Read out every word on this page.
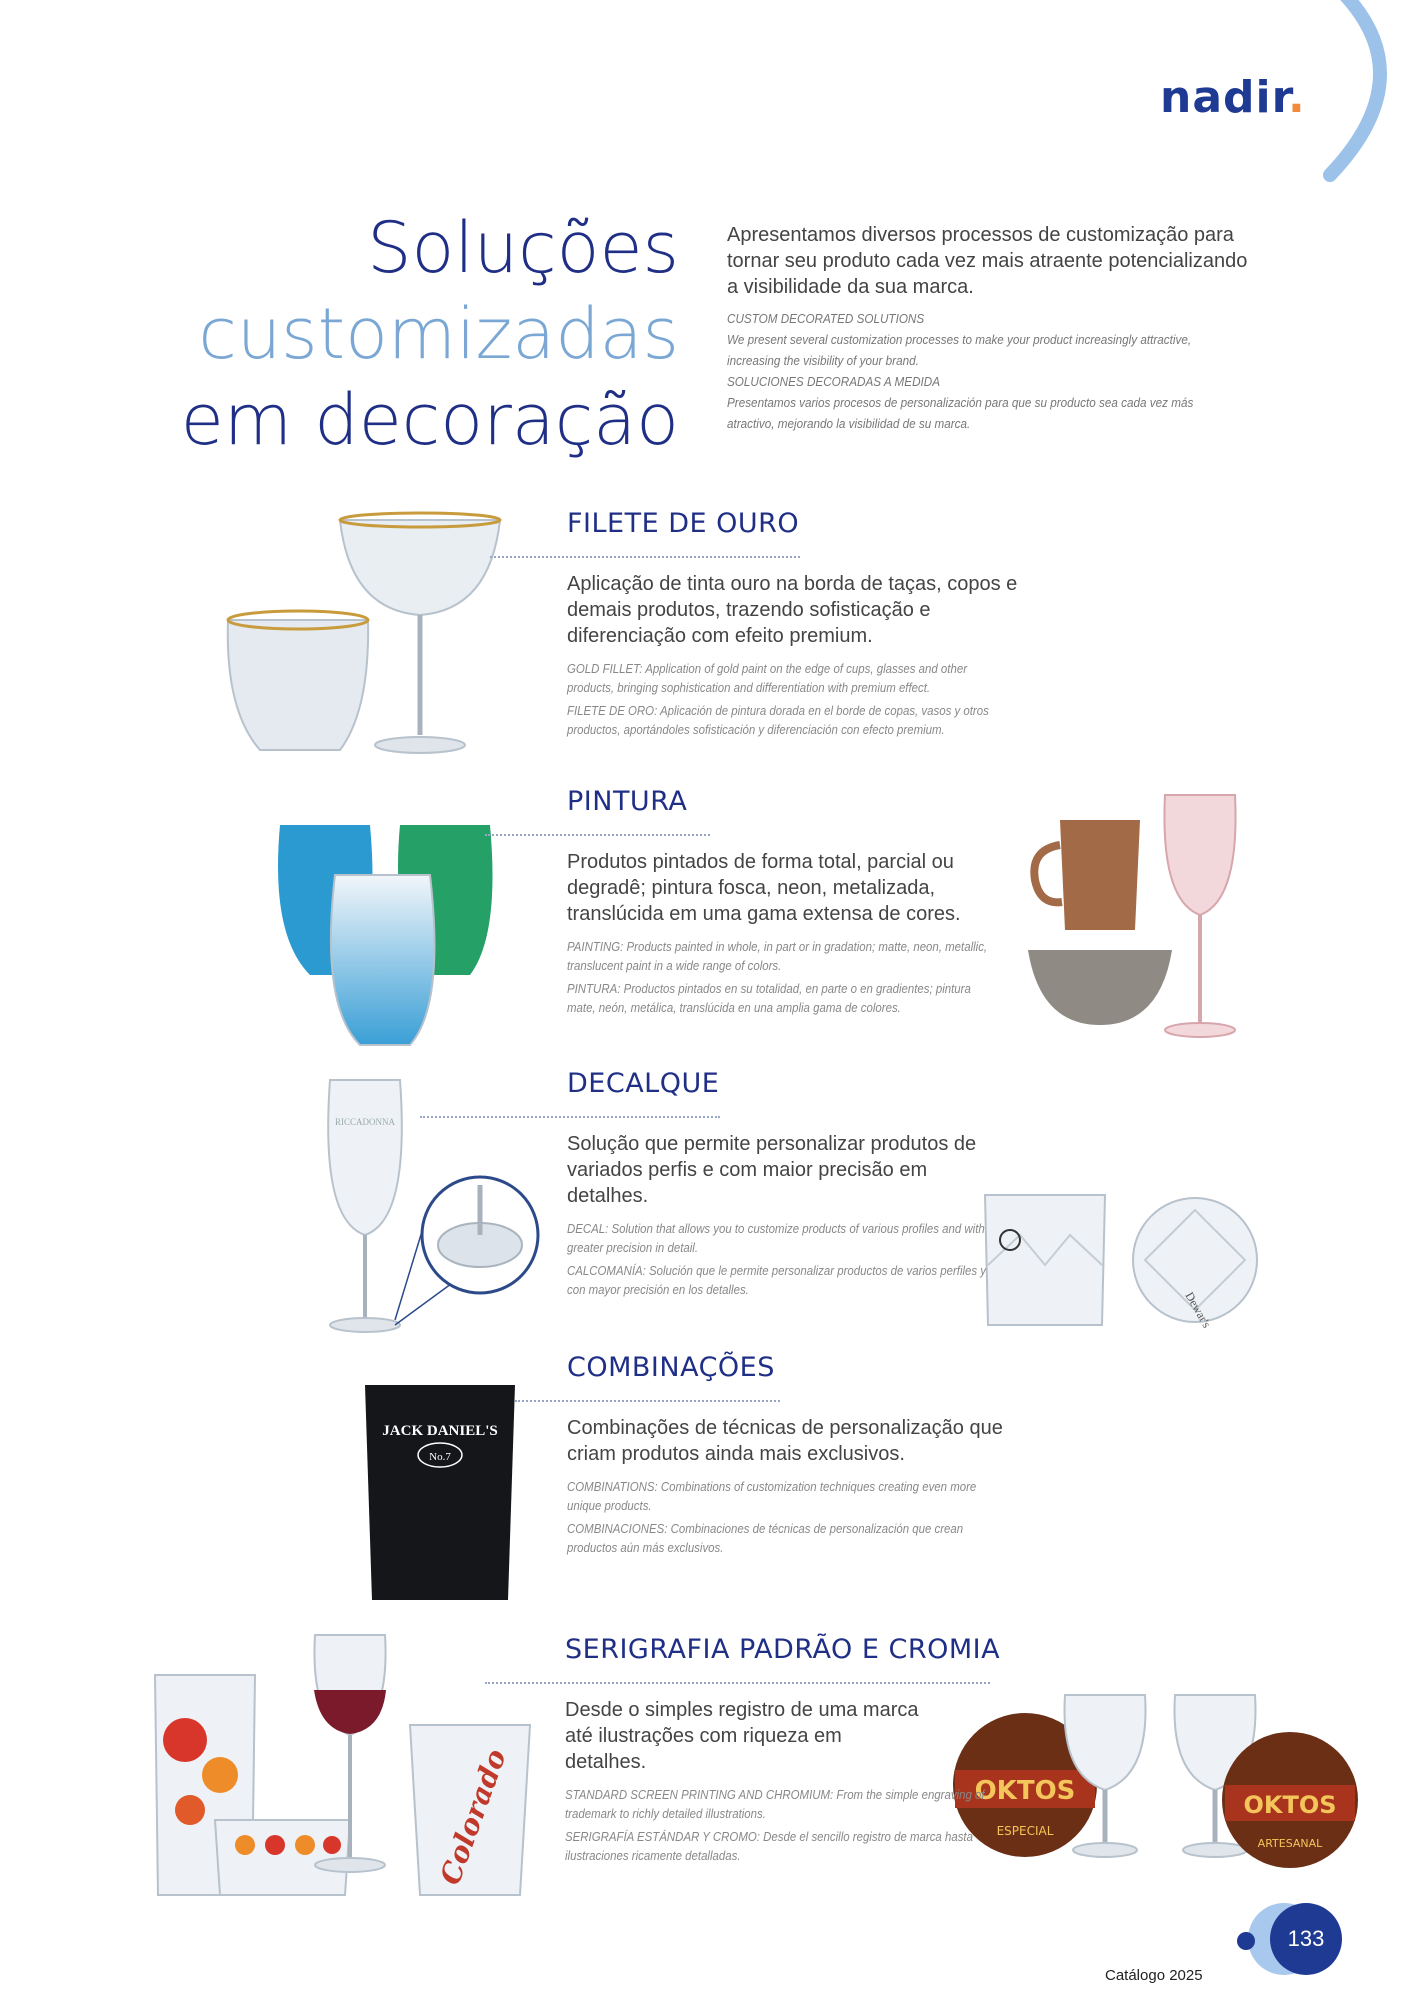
nadir.
Soluções
customizadas
em decoração

Apresentamos diversos processos de customização para tornar seu produto cada vez mais atraente potencializando a visibilidade da sua marca.

CUSTOM DECORATED SOLUTIONS

We present several customization processes to make your product increasingly attractive, increasing the visibility of your brand.

SOLUCIONES DECORADAS A MEDIDA

Presentamos varios procesos de personalización para que su producto sea cada vez más atractivo, mejorando la visibilidad de su marca.

FILETE DE OURO
Aplicação de tinta ouro na borda de taças, copos e demais produtos, trazendo sofisticação e diferenciação com efeito premium.

GOLD FILLET: Application of gold paint on the edge of cups, glasses and other products, bringing sophistication and differentiation with premium effect.

FILETE DE ORO: Aplicación de pintura dorada en el borde de copas, vasos y otros productos, aportándoles sofisticación y diferenciación con efecto premium.

PINTURA
Produtos pintados de forma total, parcial ou degradê; pintura fosca, neon, metalizada, translúcida em uma gama extensa de cores.

PAINTING: Products painted in whole, in part or in gradation; matte, neon, metallic, translucent paint in a wide range of colors.

PINTURA: Productos pintados en su totalidad, en parte o en gradientes; pintura mate, neón, metálica, translúcida en una amplia gama de colores.

RICCADONNA
Dewar's
DECALQUE
Solução que permite personalizar produtos de variados perfis e com maior precisão em detalhes.

DECAL: Solution that allows you to customize products of various profiles and with greater precision in detail.

CALCOMANÍA: Solución que le permite personalizar productos de varios perfiles y con mayor precisión en los detalles.

JACK DANIEL'S
No.7
COMBINAÇÕES
Combinações de técnicas de personalização que criam produtos ainda mais exclusivos.

COMBINATIONS: Combinations of customization techniques creating even more unique products.

COMBINACIONES: Combinaciones de técnicas de personalización que crean productos aún más exclusivos.

Colorado	OKTOS
ESPECIAL
OKTOS
ARTESANAL
SERIGRAFIA PADRÃO E CROMIA
Desde o simples registro de uma marca até ilustrações com riqueza em detalhes.

STANDARD SCREEN PRINTING AND CHROMIUM: From the simple engraving of trademark to richly detailed illustrations.

SERIGRAFÍA ESTÁNDAR Y CROMO: Desde el sencillo registro de marca hasta ilustraciones ricamente detalladas.

Catálogo 2025
133
